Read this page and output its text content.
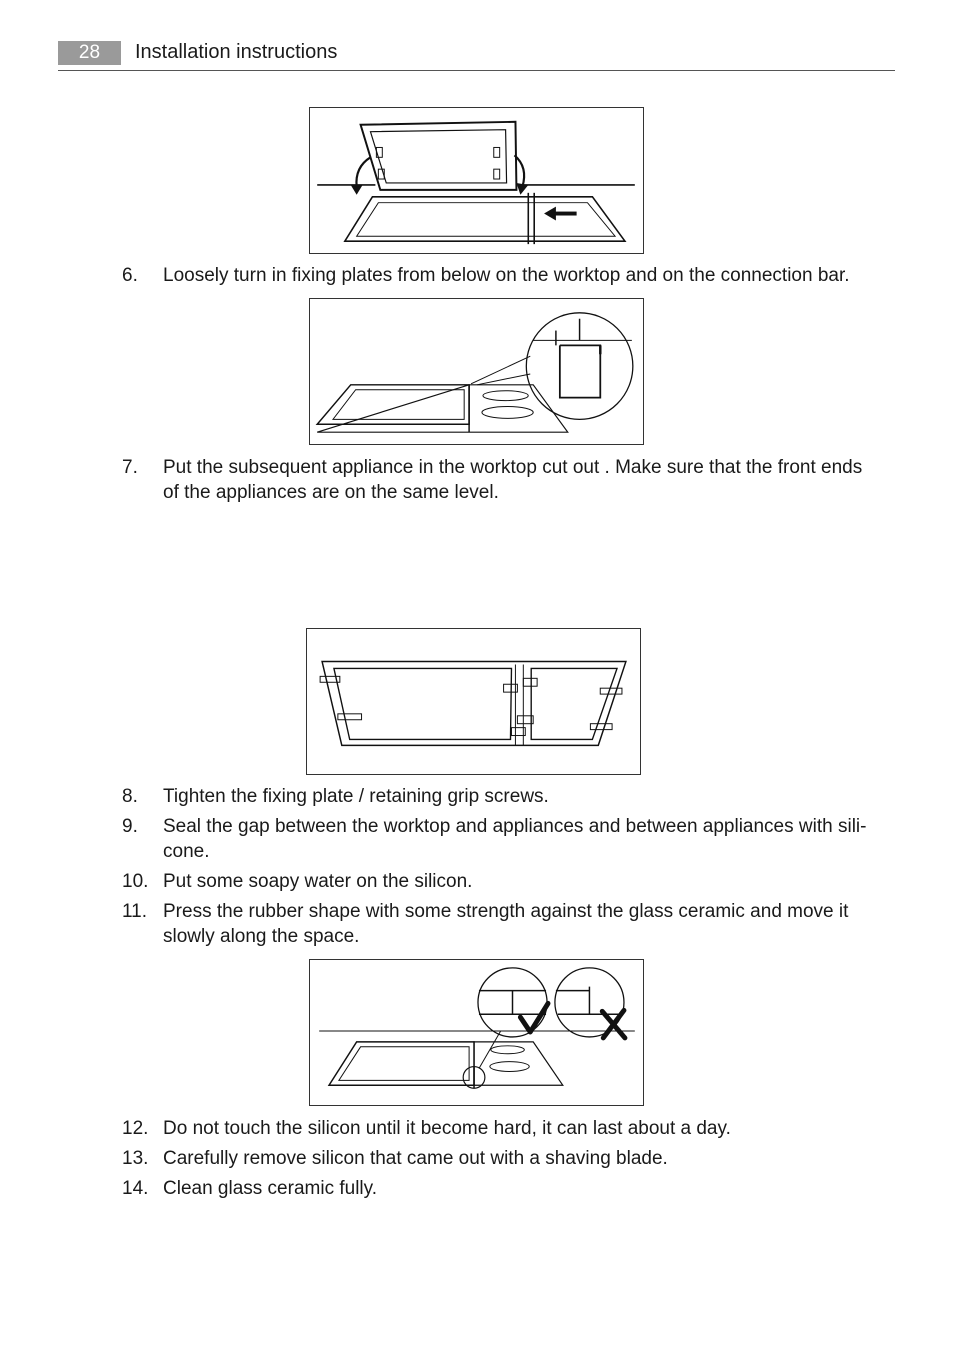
28	Installation instructions
6. Loosely turn in fixing plates from below on the worktop and on the connection bar.
7. Put the subsequent appliance in the worktop cut out . Make sure that the front ends of the appliances are on the same level.
8. Tighten the fixing plate / retaining grip screws.
9. Seal the gap between the worktop and appliances and between appliances with sili-cone.
10. Put some soapy water on the silicon.
11. Press the rubber shape with some strength against the glass ceramic and move it slowly along the space.
12. Do not touch the silicon until it become hard, it can last about a day.
13. Carefully remove silicon that came out with a shaving blade.
14. Clean glass ceramic fully.
